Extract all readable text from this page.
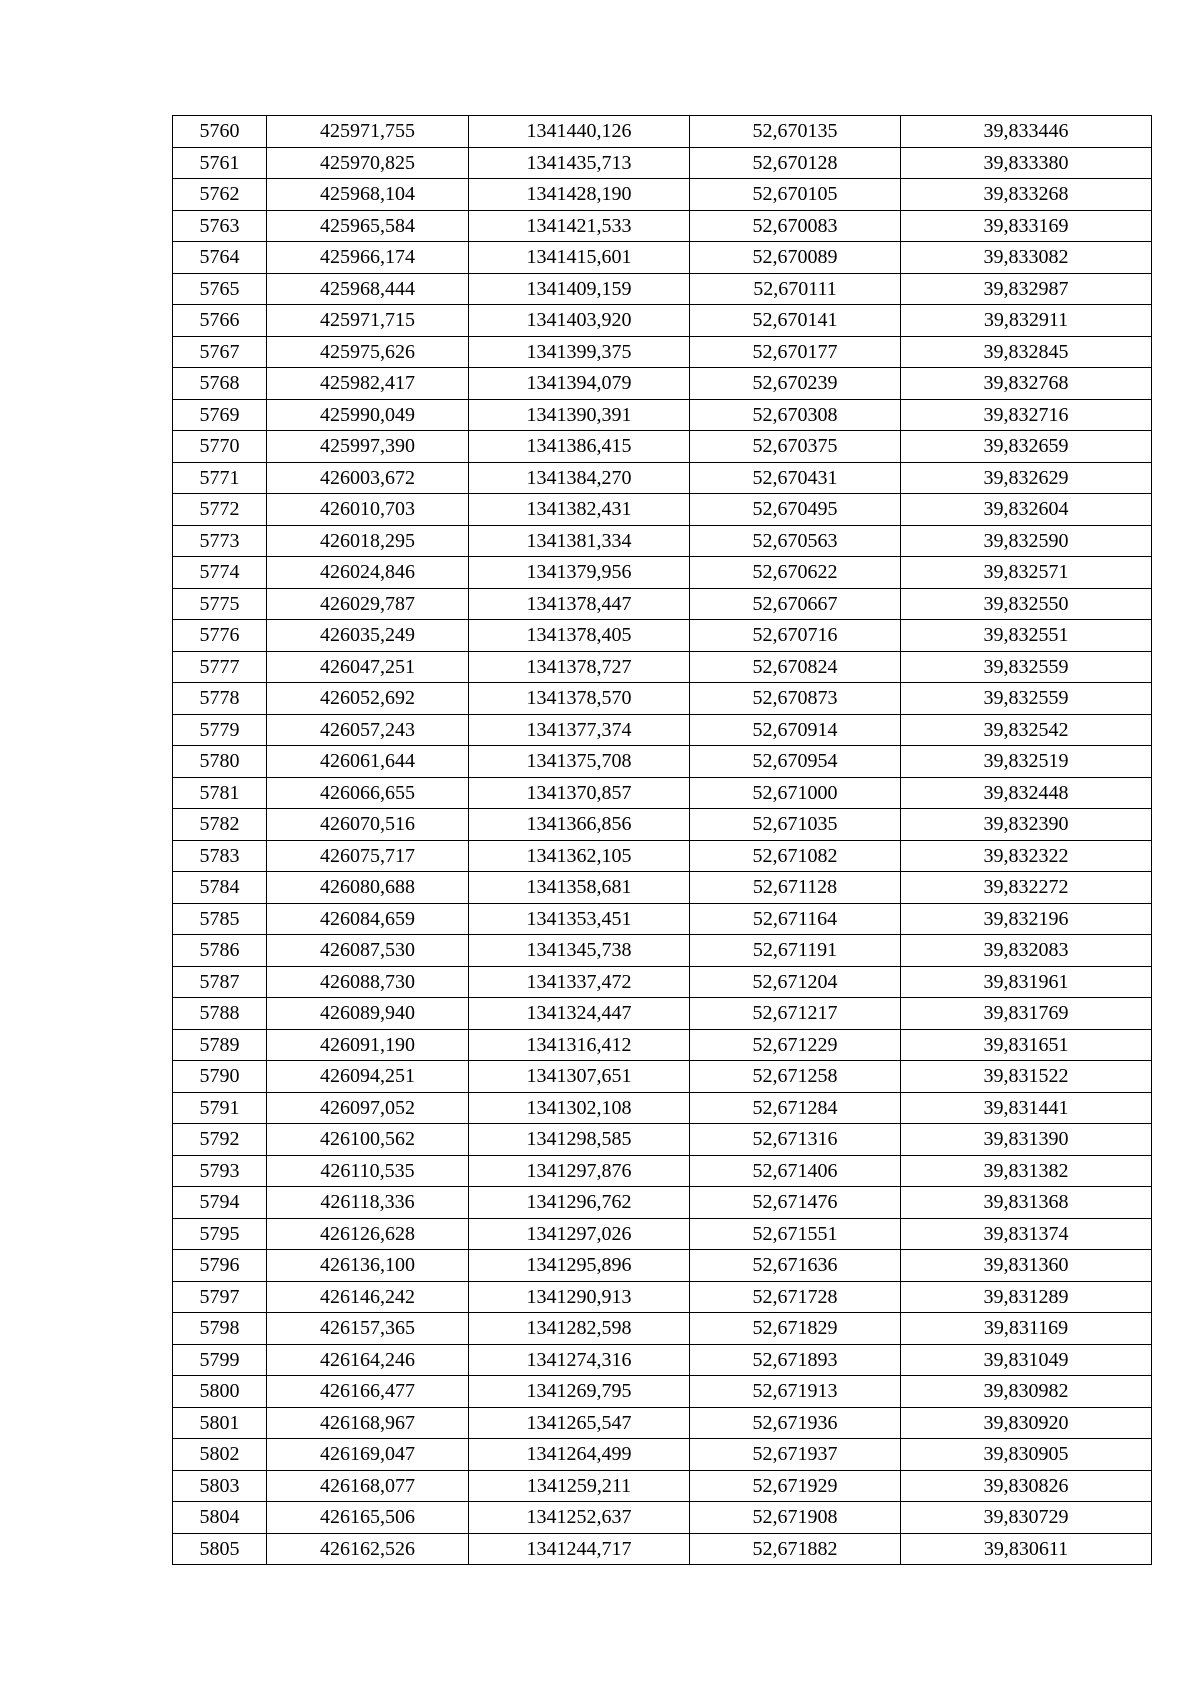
5760	425971,755	1341440,126	52,670135	39,833446
5761	425970,825	1341435,713	52,670128	39,833380
5762	425968,104	1341428,190	52,670105	39,833268
5763	425965,584	1341421,533	52,670083	39,833169
5764	425966,174	1341415,601	52,670089	39,833082
5765	425968,444	1341409,159	52,670111	39,832987
5766	425971,715	1341403,920	52,670141	39,832911
5767	425975,626	1341399,375	52,670177	39,832845
5768	425982,417	1341394,079	52,670239	39,832768
5769	425990,049	1341390,391	52,670308	39,832716
5770	425997,390	1341386,415	52,670375	39,832659
5771	426003,672	1341384,270	52,670431	39,832629
5772	426010,703	1341382,431	52,670495	39,832604
5773	426018,295	1341381,334	52,670563	39,832590
5774	426024,846	1341379,956	52,670622	39,832571
5775	426029,787	1341378,447	52,670667	39,832550
5776	426035,249	1341378,405	52,670716	39,832551
5777	426047,251	1341378,727	52,670824	39,832559
5778	426052,692	1341378,570	52,670873	39,832559
5779	426057,243	1341377,374	52,670914	39,832542
5780	426061,644	1341375,708	52,670954	39,832519
5781	426066,655	1341370,857	52,671000	39,832448
5782	426070,516	1341366,856	52,671035	39,832390
5783	426075,717	1341362,105	52,671082	39,832322
5784	426080,688	1341358,681	52,671128	39,832272
5785	426084,659	1341353,451	52,671164	39,832196
5786	426087,530	1341345,738	52,671191	39,832083
5787	426088,730	1341337,472	52,671204	39,831961
5788	426089,940	1341324,447	52,671217	39,831769
5789	426091,190	1341316,412	52,671229	39,831651
5790	426094,251	1341307,651	52,671258	39,831522
5791	426097,052	1341302,108	52,671284	39,831441
5792	426100,562	1341298,585	52,671316	39,831390
5793	426110,535	1341297,876	52,671406	39,831382
5794	426118,336	1341296,762	52,671476	39,831368
5795	426126,628	1341297,026	52,671551	39,831374
5796	426136,100	1341295,896	52,671636	39,831360
5797	426146,242	1341290,913	52,671728	39,831289
5798	426157,365	1341282,598	52,671829	39,831169
5799	426164,246	1341274,316	52,671893	39,831049
5800	426166,477	1341269,795	52,671913	39,830982
5801	426168,967	1341265,547	52,671936	39,830920
5802	426169,047	1341264,499	52,671937	39,830905
5803	426168,077	1341259,211	52,671929	39,830826
5804	426165,506	1341252,637	52,671908	39,830729
5805	426162,526	1341244,717	52,671882	39,830611
